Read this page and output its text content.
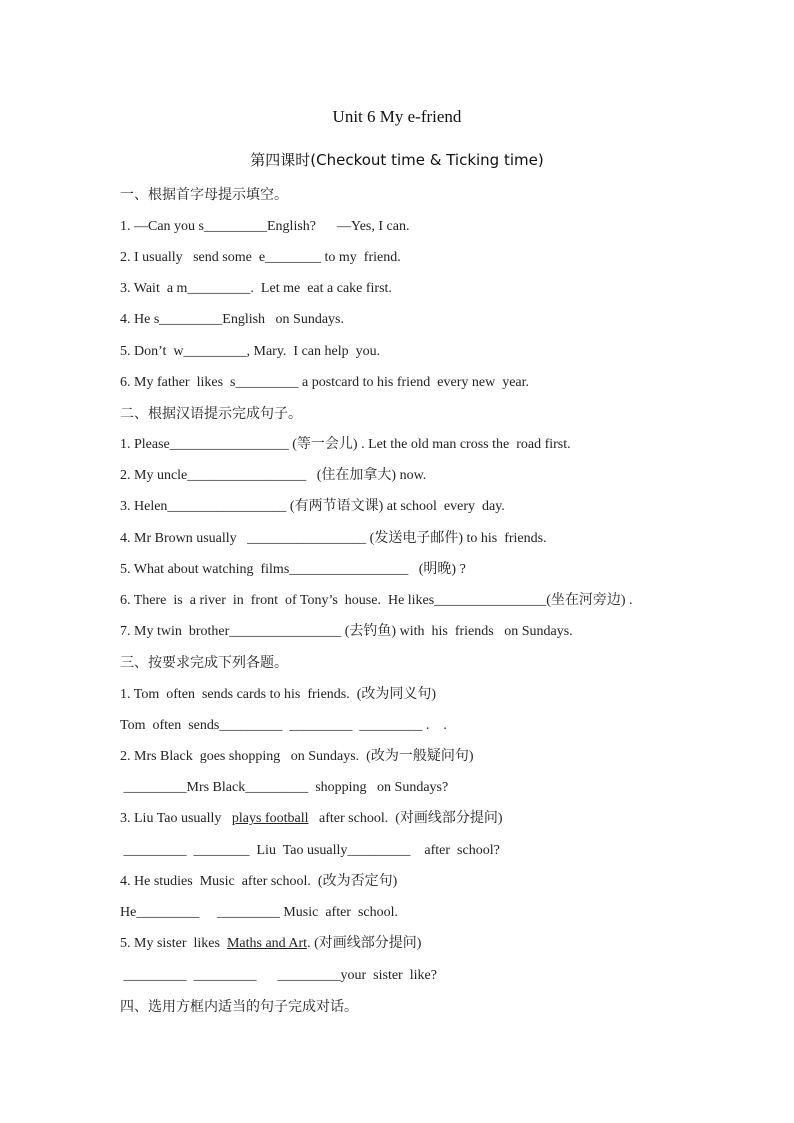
Unit 6 My e-friend
第四课时(Checkout time & Ticking time)
一、根据首字母提示填空。
1. —Can you s_________English?      —Yes, I can.
2. I usually   send some  e________ to my  friend.
3. Wait  a m_________.  Let me  eat a cake first.
4. He s_________English   on Sundays.
5. Don’t  w_________, Mary.  I can help  you.
6. My father  likes  s_________ a postcard to his friend  every new  year.
二、根据汉语提示完成句子。
1. Please_________________ (等一会儿) . Let the old man cross the  road first.
2. My uncle_________________   (住在加拿大) now.
3. Helen_________________ (有两节语文课) at school  every  day.
4. Mr Brown usually   _________________ (发送电子邮件) to his  friends.
5. What about watching  films_________________   (明晚) ?
6. There  is  a river  in  front  of Tony’s  house.  He likes________________(坐在河旁边) .
7. My twin  brother________________ (去钓鱼) with  his  friends   on Sundays.
三、按要求完成下列各题。
1. Tom  often  sends cards to his  friends.  (改为同义句)
Tom  often  sends_________  _________  _________ .    .
2. Mrs Black  goes shopping   on Sundays.  (改为一般疑问句)
_________Mrs Black_________  shopping   on Sundays?
3. Liu Tao usually   plays football   after school.  (对画线部分提问)
_________  ________  Liu  Tao usually_________    after  school?
4. He studies  Music  after school.  (改为否定句)
He_________     _________ Music  after  school.
5. My sister  likes  Maths and Art. (对画线部分提问)
_________  _________      _________your  sister  like?
四、选用方框内适当的句子完成对话。
